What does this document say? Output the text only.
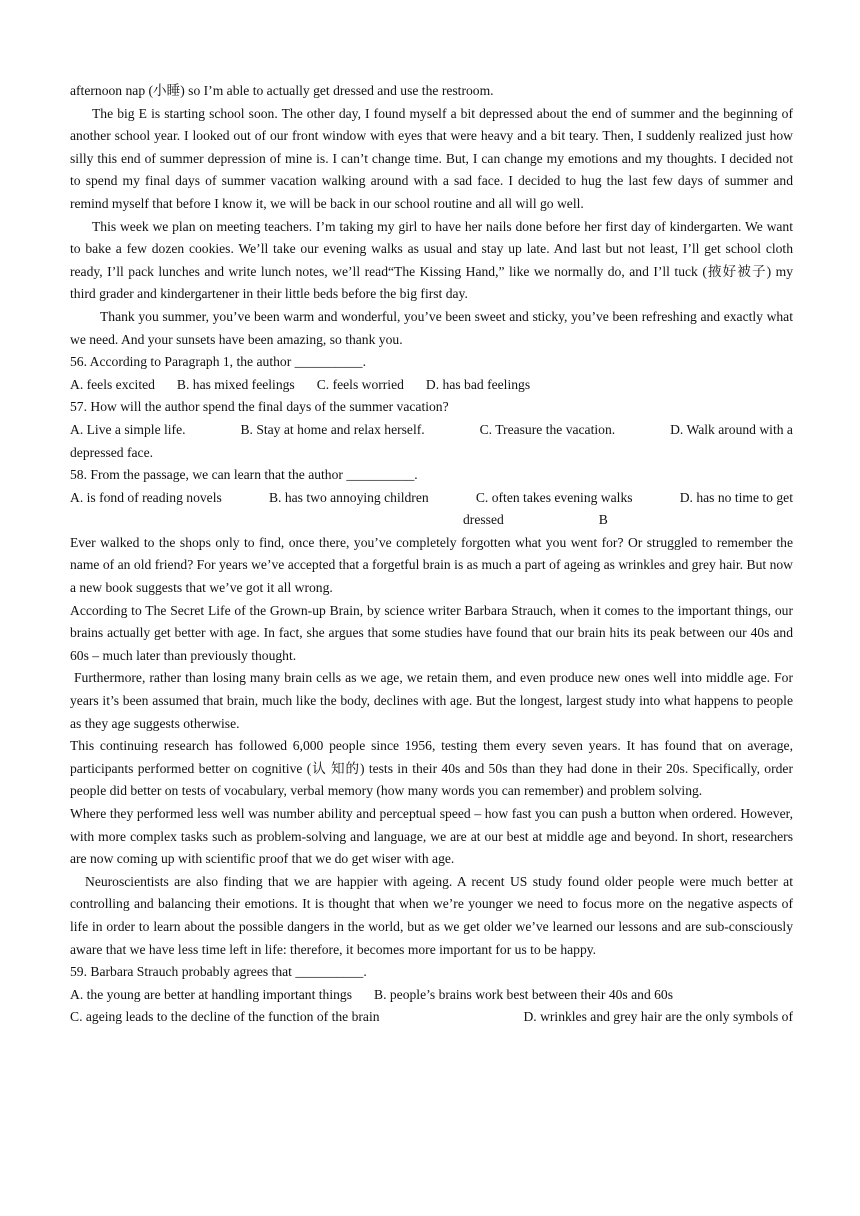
afternoon nap (小睡) so I’m able to actually get dressed and use the restroom.

The big E is starting school soon. The other day, I found myself a bit depressed about the end of summer and the beginning of another school year. I looked out of our front window with eyes that were heavy and a bit teary. Then, I suddenly realized just how silly this end of summer depression of mine is. I can’t change time. But, I can change my emotions and my thoughts. I decided not to spend my final days of summer vacation walking around with a sad face. I decided to hug the last few days of summer and remind myself that before I know it, we will be back in our school routine and all will go well.

This week we plan on meeting teachers. I’m taking my girl to have her nails done before her first day of kindergarten. We want to bake a few dozen cookies. We’ll take our evening walks as usual and stay up late. And last but not least, I’ll get school cloth ready, I’ll pack lunches and write lunch notes, we’ll read“The Kissing Hand,” like we normally do, and I’ll tuck (掖好被子) my third grader and kindergartener in their little beds before the big first day.

Thank you summer, you’ve been warm and wonderful, you’ve been sweet and sticky, you’ve been refreshing and exactly what we need. And your sunsets have been amazing, so thank you.

56. According to Paragraph 1, the author __________.

A. feels excited B. has mixed feelings C. feels worried D. has bad feelings

57. How will the author spend the final days of the summer vacation?

A. Live a simple life.	B. Stay at home and relax herself.	C. Treasure the vacation.	D. Walk around with a

depressed face.

58. From the passage, we can learn that the author __________.

A. is fond of reading novels	B. has two annoying children	C. often takes evening walks	D. has no time to get
dressed	B

Ever walked to the shops only to find, once there, you’ve completely forgotten what you went for? Or struggled to remember the name of an old friend? For years we’ve accepted that a forgetful brain is as much a part of ageing as wrinkles and grey hair. But now a new book suggests that we’ve got it all wrong.

According to The Secret Life of the Grown-up Brain, by science writer Barbara Strauch, when it comes to the important things, our brains actually get better with age. In fact, she argues that some studies have found that our brain hits its peak between our 40s and 60s – much later than previously thought.

Furthermore, rather than losing many brain cells as we age, we retain them, and even produce new ones well into middle age. For years it’s been assumed that brain, much like the body, declines with age. But the longest, largest study into what happens to people as they age suggests otherwise.

This continuing research has followed 6,000 people since 1956, testing them every seven years. It has found that on average, participants performed better on cognitive (认 知的) tests in their 40s and 50s than they had done in their 20s. Specifically, order people did better on tests of vocabulary, verbal memory (how many words you can remember) and problem solving.

Where they performed less well was number ability and perceptual speed – how fast you can push a button when ordered. However, with more complex tasks such as problem-solving and language, we are at our best at middle age and beyond. In short, researchers are now coming up with scientific proof that we do get wiser with age.

Neuroscientists are also finding that we are happier with ageing. A recent US study found older people were much better at controlling and balancing their emotions. It is thought that when we’re younger we need to focus more on the negative aspects of life in order to learn about the possible dangers in the world, but as we get older we’ve learned our lessons and are sub-consciously aware that we have less time left in life: therefore, it becomes more important for us to be happy.

59. Barbara Strauch probably agrees that __________.

A. the young are better at handling important things B. people’s brains work best between their 40s and 60s
C. ageing leads to the decline of the function of the brain	D. wrinkles and grey hair are the only symbols of
